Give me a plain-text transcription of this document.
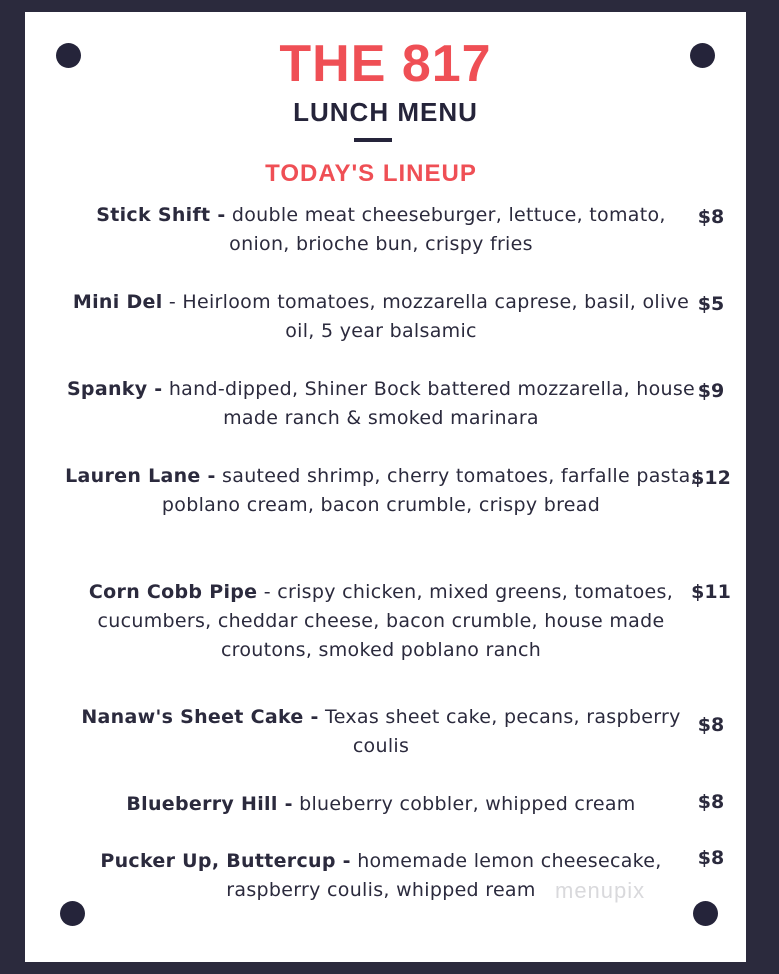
THE 817
LUNCH MENU
TODAY'S LINEUP
Stick Shift - double meat cheeseburger, lettuce, tomato, onion, brioche bun, crispy fries
$8
Mini Del - Heirloom tomatoes, mozzarella caprese, basil, olive oil, 5 year balsamic
$5
Spanky - hand-dipped, Shiner Bock battered mozzarella, house made ranch & smoked marinara
$9
Lauren Lane - sauteed shrimp, cherry tomatoes, farfalle pasta, poblano cream, bacon crumble, crispy bread
$12
Corn Cobb Pipe - crispy chicken, mixed greens, tomatoes, cucumbers, cheddar cheese, bacon crumble, house made croutons, smoked poblano ranch
$11
Nanaw's Sheet Cake - Texas sheet cake, pecans, raspberry coulis
$8
Blueberry Hill - blueberry cobbler, whipped cream	$8
Pucker Up, Buttercup - homemade lemon cheesecake, raspberry coulis, whipped ream
$8
menupix
